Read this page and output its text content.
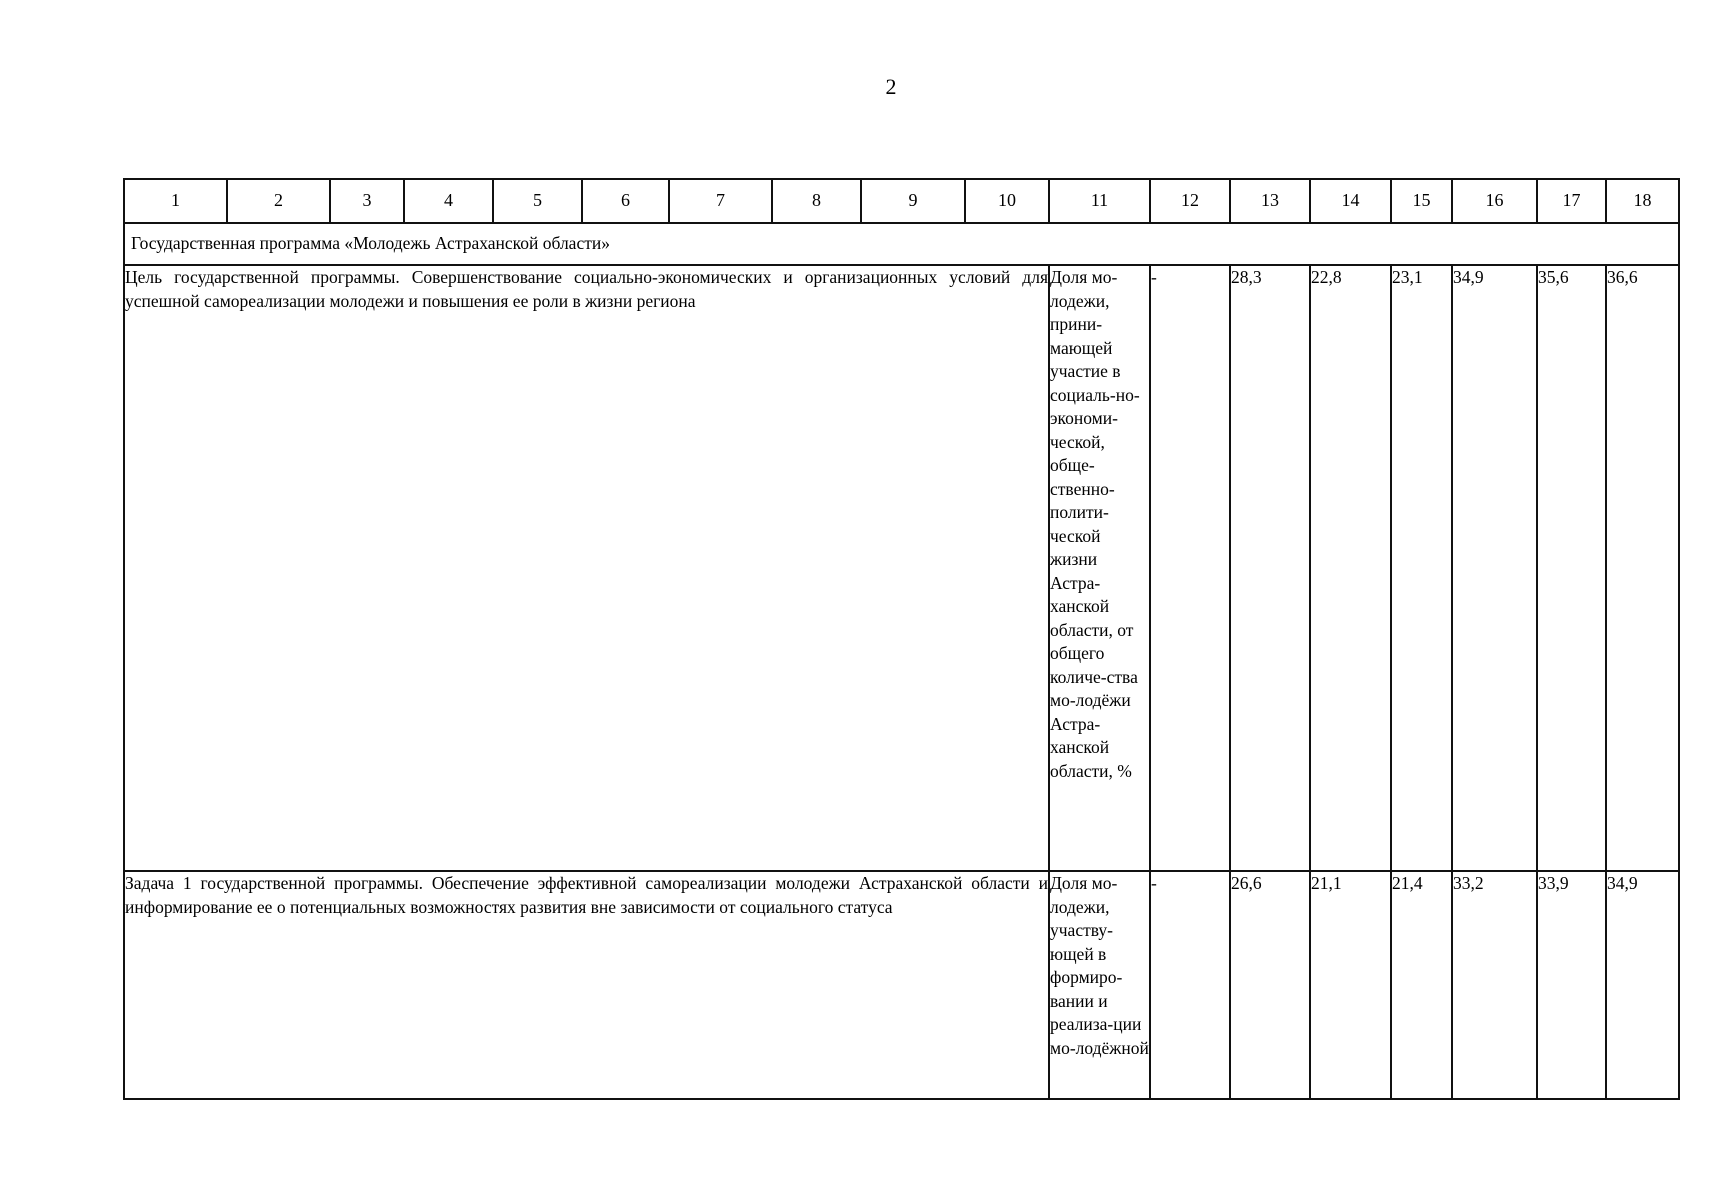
2
1	2	3	4	5	6	7	8	9	10	11	12	13	14	15	16	17	18
Государственная программа «Молодежь Астраханской области»																	
Цель государственной программы. Совершенствование социально-экономических и организационных условий для успешной самореализации молодежи и повышения ее роли в жизни региона										Доля мо-лодежи, прини-мающей участие в социаль-но-экономи-ческой, обще-ственно-полити-ческой жизни Астра-ханской области, от общего количе-ства мо-лодёжи Астра-ханской области, %	-	28,3	22,8	23,1	34,9	35,6	36,6
Задача 1 государственной программы. Обеспечение эффективной самореализации молодежи Астраханской области и информирование ее о потенциальных возможностях развития вне зависимости от социального статуса										Доля мо-лодежи, участву-ющей в формиро-вании и реализа-ции мо-лодёжной	-	26,6	21,1	21,4	33,2	33,9	34,9
